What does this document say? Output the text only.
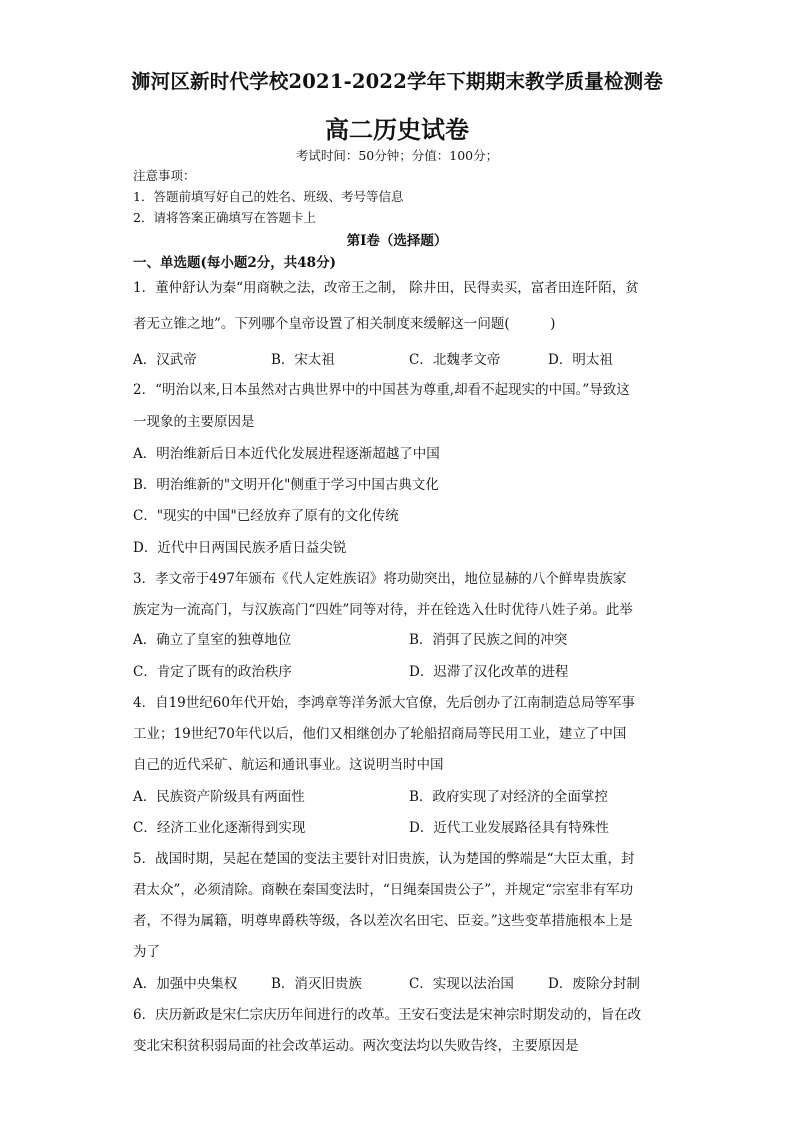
浉河区新时代学校2021-2022学年下期期末教学质量检测卷
高二历史试卷
考试时间：50分钟；分值：100分；
注意事项：
1．答题前填写好自己的姓名、班级、考号等信息
2．请将答案正确填写在答题卡上
第I卷（选择题）
一、单选题(每小题2分，共48分)
1．董仲舒认为秦“用商鞅之法，改帝王之制， 除井田，民得卖买，富者田连阡陌，贫
者无立锥之地”。下列哪个皇帝设置了相关制度来缓解这一问题(　　　)
A．汉武帝	B．宋太祖	C．北魏孝文帝	D．明太祖
2．“明治以来,日本虽然对古典世界中的中国甚为尊重,却看不起现实的中国。”导致这
一现象的主要原因是
A．明治维新后日本近代化发展进程逐渐超越了中国
B．明治维新的"文明开化"侧重于学习中国古典文化
C．"现实的中国"已经放弃了原有的文化传统
D．近代中日两国民族矛盾日益尖锐
3．孝文帝于497年颁布《代人定姓族诏》将功勋突出，地位显赫的八个鲜卑贵族家
族定为一流高门，与汉族高门“四姓”同等对待，并在铨选入仕时优待八姓子弟。此举
A．确立了皇室的独尊地位	B．消弭了民族之间的冲突
C．肯定了既有的政治秩序	D．迟滞了汉化改革的进程
4．自19世纪60年代开始，李鸿章等洋务派大官僚，先后创办了江南制造总局等军事
工业；19世纪70年代以后，他们又相继创办了轮船招商局等民用工业，建立了中国
自己的近代采矿、航运和通讯事业。这说明当时中国
A．民族资产阶级具有两面性	B．政府实现了对经济的全面掌控
C．经济工业化逐渐得到实现	D．近代工业发展路径具有特殊性
5．战国时期，吴起在楚国的变法主要针对旧贵族，认为楚国的弊端是“大臣太重，封
君太众”，必须清除。商鞅在秦国变法时，“日绳秦国贵公子”，并规定“宗室非有军功
者，不得为属籍，明尊卑爵秩等级，各以差次名田宅、臣妾。”这些变革措施根本上是
为了
A．加强中央集权	B．消灭旧贵族	C．实现以法治国	D．废除分封制
6．庆历新政是宋仁宗庆历年间进行的改革。王安石变法是宋神宗时期发动的，旨在改
变北宋积贫积弱局面的社会改革运动。两次变法均以失败告终，主要原因是
